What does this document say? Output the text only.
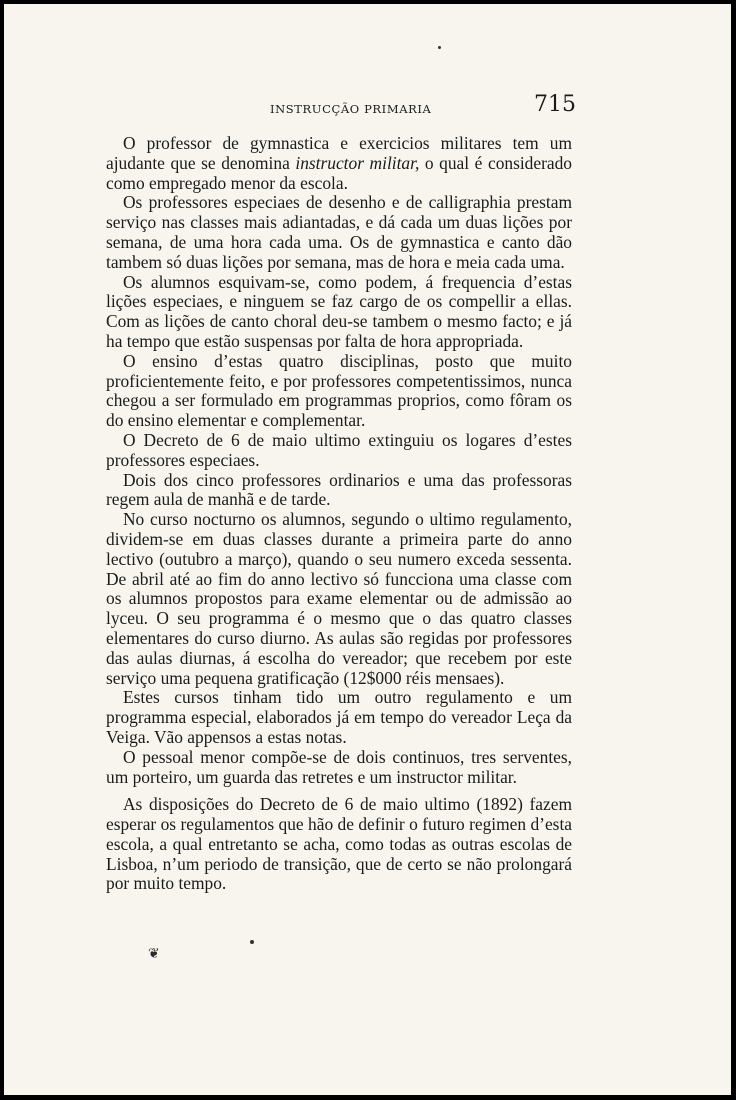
INSTRUCÇÃO PRIMARIA	715

O professor de gymnastica e exercicios militares tem um ajudante que se denomina instructor militar, o qual é considerado como empregado menor da escola.

Os professores especiaes de desenho e de calligraphia prestam serviço nas classes mais adiantadas, e dá cada um duas lições por semana, de uma hora cada uma. Os de gymnastica e canto dão tambem só duas lições por semana, mas de hora e meia cada uma.

Os alumnos esquivam-se, como podem, á frequencia d’estas lições especiaes, e ninguem se faz cargo de os compellir a ellas. Com as lições de canto choral deu-se tambem o mesmo facto; e já ha tempo que estão suspensas por falta de hora appropriada.

O ensino d’estas quatro disciplinas, posto que muito proficientemente feito, e por professores competentissimos, nunca chegou a ser formulado em programmas proprios, como fôram os do ensino elementar e complementar.

O Decreto de 6 de maio ultimo extinguiu os logares d’estes professores especiaes.

Dois dos cinco professores ordinarios e uma das professoras regem aula de manhã e de tarde.

No curso nocturno os alumnos, segundo o ultimo regulamento, dividem-se em duas classes durante a primeira parte do anno lectivo (outubro a março), quando o seu numero exceda sessenta. De abril até ao fim do anno lectivo só funcciona uma classe com os alumnos propostos para exame elementar ou de admissão ao lyceu. O seu programma é o mesmo que o das quatro classes elementares do curso diurno. As aulas são regidas por professores das aulas diurnas, á escolha do vereador; que recebem por este serviço uma pequena gratificação (12$000 réis mensaes).

Estes cursos tinham tido um outro regulamento e um programma especial, elaborados já em tempo do vereador Leça da Veiga. Vão appensos a estas notas.

O pessoal menor compõe-se de dois continuos, tres serventes, um porteiro, um guarda das retretes e um instructor militar.

As disposições do Decreto de 6 de maio ultimo (1892) fazem esperar os regulamentos que hão de definir o futuro regimen d’esta escola, a qual entretanto se acha, como todas as outras escolas de Lisboa, n’um periodo de transição, que de certo se não prolongará por muito tempo.

❦
